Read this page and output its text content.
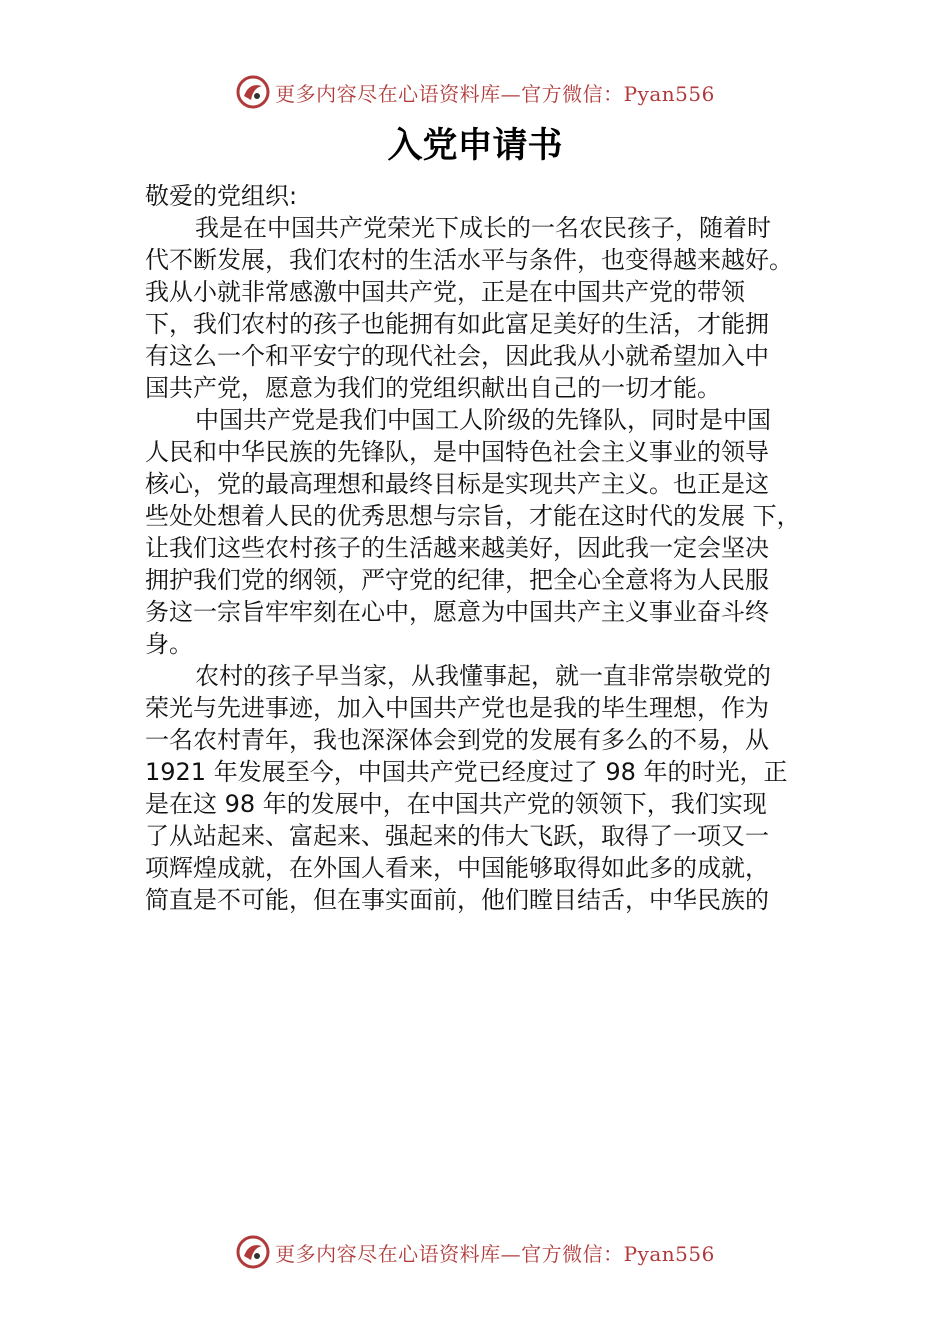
更多内容尽在心语资料库—官方微信：Pyan556
入党申请书
敬爱的党组织:
我是在中国共产党荣光下成长的一名农民孩子，随着时
代不断发展，我们农村的生活水平与条件，也变得越来越好。
我从小就非常感激中国共产党，正是在中国共产党的带领
下，我们农村的孩子也能拥有如此富足美好的生活，才能拥
有这么一个和平安宁的现代社会，因此我从小就希望加入中
国共产党，愿意为我们的党组织献出自己的一切才能。
中国共产党是我们中国工人阶级的先锋队，同时是中国
人民和中华民族的先锋队，是中国特色社会主义事业的领导
核心，党的最高理想和最终目标是实现共产主义。也正是这
些处处想着人民的优秀思想与宗旨，才能在这时代的发展 下，
让我们这些农村孩子的生活越来越美好，因此我一定会坚决
拥护我们党的纲领，严守党的纪律，把全心全意将为人民服
务这一宗旨牢牢刻在心中，愿意为中国共产主义事业奋斗终
身。
农村的孩子早当家，从我懂事起，就一直非常崇敬党的
荣光与先进事迹，加入中国共产党也是我的毕生理想，作为
一名农村青年，我也深深体会到党的发展有多么的不易，从
1921 年发展至今，中国共产党已经度过了 98 年的时光，正
是在这 98 年的发展中，在中国共产党的领领下，我们实现
了从站起来、富起来、强起来的伟大飞跃，取得了一项又一
项辉煌成就，在外国人看来，中国能够取得如此多的成就，
简直是不可能，但在事实面前，他们瞠目结舌，中华民族的
更多内容尽在心语资料库—官方微信：Pyan556
